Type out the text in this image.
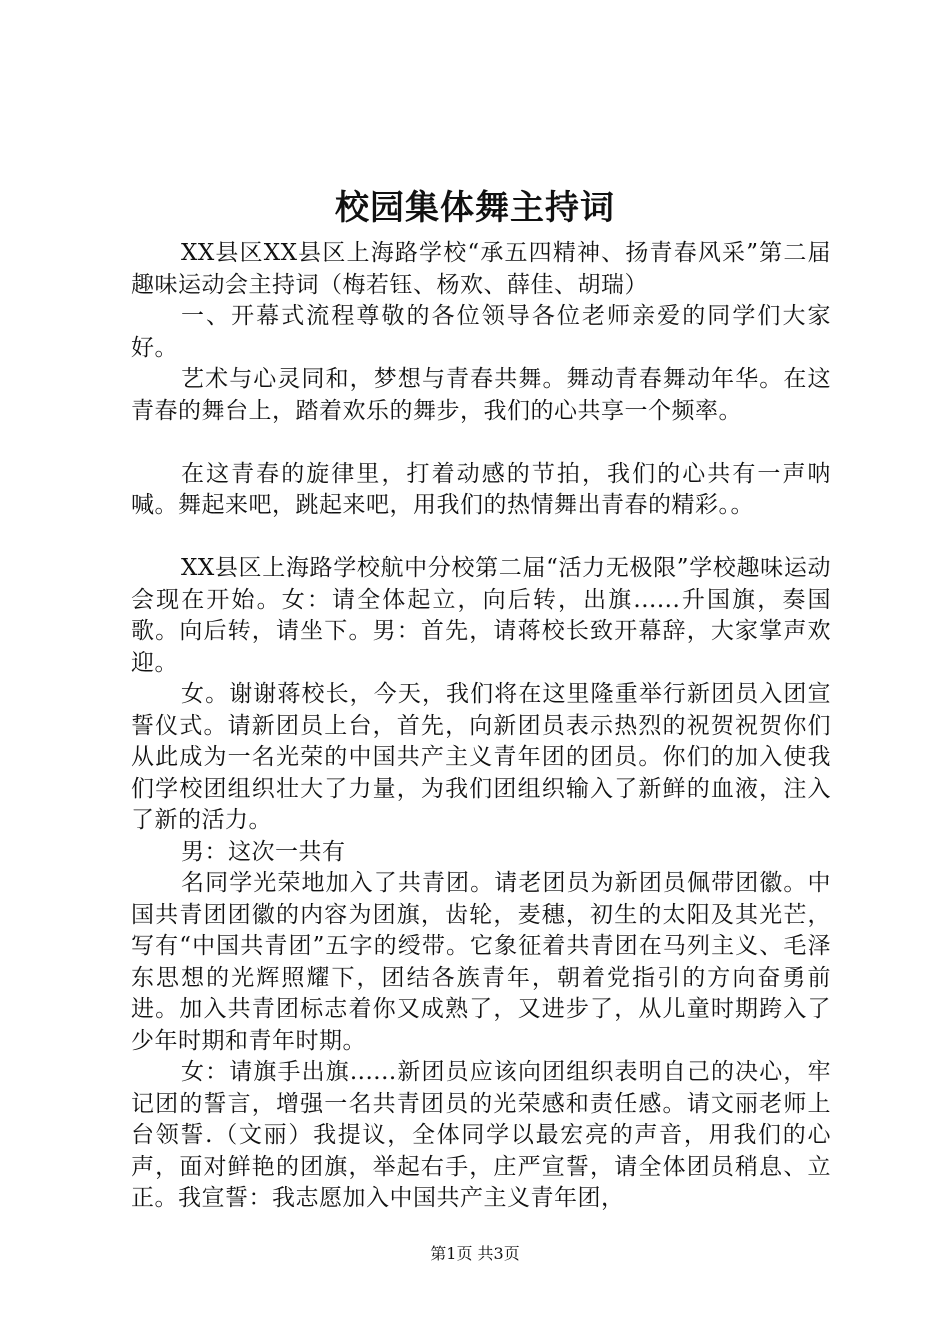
校园集体舞主持词

XX县区XX县区上海路学校“承五四精神、扬青春风采”第二届趣味运动会主持词（梅若钰、杨欢、薛佳、胡瑞）

一、开幕式流程尊敬的各位领导各位老师亲爱的同学们大家好。

艺术与心灵同和，梦想与青春共舞。舞动青春舞动年华。在这青春的舞台上，踏着欢乐的舞步，我们的心共享一个频率。

在这青春的旋律里，打着动感的节拍，我们的心共有一声呐喊。舞起来吧，跳起来吧，用我们的热情舞出青春的精彩。。

XX县区上海路学校航中分校第二届“活力无极限”学校趣味运动会现在开始。女：请全体起立，向后转，出旗......升国旗，奏国歌。向后转，请坐下。男：首先，请蒋校长致开幕辞，大家掌声欢迎。

女。谢谢蒋校长，今天，我们将在这里隆重举行新团员入团宣誓仪式。请新团员上台，首先，向新团员表示热烈的祝贺祝贺你们从此成为一名光荣的中国共产主义青年团的团员。你们的加入使我们学校团组织壮大了力量，为我们团组织输入了新鲜的血液，注入了新的活力。

男：这次一共有

名同学光荣地加入了共青团。请老团员为新团员佩带团徽。中国共青团团徽的内容为团旗，齿轮，麦穗，初生的太阳及其光芒，写有“中国共青团”五字的绶带。它象征着共青团在马列主义、毛泽东思想的光辉照耀下，团结各族青年，朝着党指引的方向奋勇前进。加入共青团标志着你又成熟了，又进步了，从儿童时期跨入了少年时期和青年时期。

女：请旗手出旗......新团员应该向团组织表明自己的决心，牢记团的誓言，增强一名共青团员的光荣感和责任感。请文丽老师上台领誓.（文丽）我提议，全体同学以最宏亮的声音，用我们的心声，面对鲜艳的团旗，举起右手，庄严宣誓，请全体团员稍息、立正。我宣誓：我志愿加入中国共产主义青年团，

第1页 共3页
